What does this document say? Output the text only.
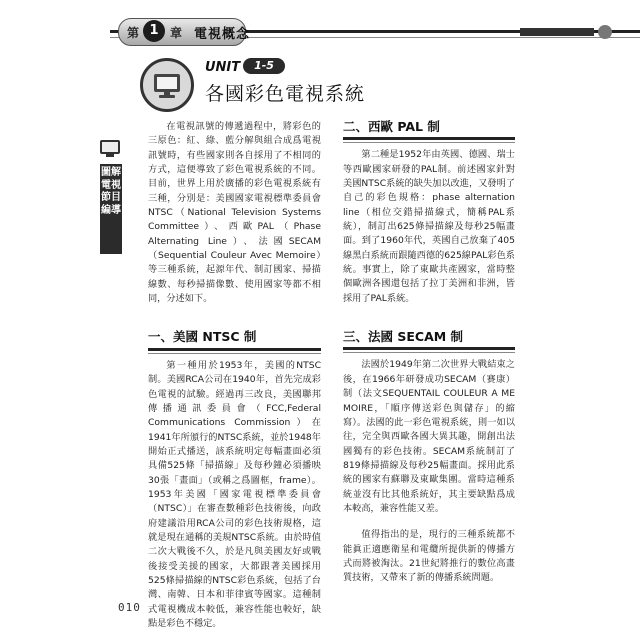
第 1 章 電視概念
UNIT	1-5
各國彩色電視系統
圖解電視節目編導

在電視訊號的傳遞過程中，將彩色的三原色：紅、綠、藍分解與組合成爲電視訊號時，有些國家則各自採用了不相同的方式，這便導致了彩色電視系統的不同。目前，世界上用於廣播的彩色電視系統有三種，分別是：美國國家電視標準委員會NTSC（National Television Systems Committee）、西歐PAL（Phase Alternating Line）、法國SECAM（Sequential Couleur Avec Memoire）等三種系統，起源年代、制訂國家、掃描線數、每秒掃描像數、使用國家等都不相同，分述如下。

一、美國 NTSC 制

第一種用於1953年，美國的NTSC制。美國RCA公司在1940年，首先完成彩色電視的試驗。經過再三改良，美國聯邦傳播通訊委員會（FCC,Federal Communications Commission）在1941年所頒行的NTSC系統，並於1948年開始正式播送，該系統明定每幅畫面必須具備525條「掃描線」及每秒鐘必須播映30張「畫面」（或稱之爲圖框，frame）。1953年美國「國家電視標準委員會（NTSC）」在審查數種彩色技術後，向政府建議沿用RCA公司的彩色技術規格，這就是現在通稱的美規NTSC系統。由於時值二次大戰後不久，於是凡與美國友好或戰後接受美援的國家，大都跟著美國採用525條掃描線的NTSC彩色系統，包括了台灣、南韓、日本和菲律賓等國家。這種制式電視機成本較低，兼容性能也較好，缺點是彩色不穩定。

二、西歐 PAL 制

第二種是1952年由英國、德國、瑞士等西歐國家研發的PAL制。前述國家針對美國NTSC系統的缺失加以改進，又發明了自己的彩色規格：phase alternation line（相位交錯掃描線式，簡稱PAL系統），制訂出625條掃描線及每秒25幅畫面。到了1960年代，英國自己放棄了405線黑白系統而跟隨西德的625線PAL彩色系統。事實上，除了東歐共產國家，當時整個歐洲各國還包括了拉丁美洲和非洲，皆採用了PAL系統。

三、法國 SECAM 制

法國於1949年第二次世界大戰結束之後，在1966年研發成功SECAM（賽康）制（法文SEQUENTAIL COULEUR A ME MOIRE，「順序傳送彩色與儲存」的縮寫）。法國的此一彩色電視系統，則一如以往，完全與西歐各國大異其趣，開創出法國獨有的彩色技術。SECAM系統制訂了819條掃描線及每秒25幅畫面。採用此系統的國家有蘇聯及東歐集團。當時這種系統並沒有比其他系統好，其主要缺點爲成本較高，兼容性能又差。

值得指出的是，現行的三種系統都不能眞正適應衛星和電纜所提供新的傳播方式而將被淘汰。21世紀將推行的數位高畫質技術，又帶來了新的傳播系統問題。

010
